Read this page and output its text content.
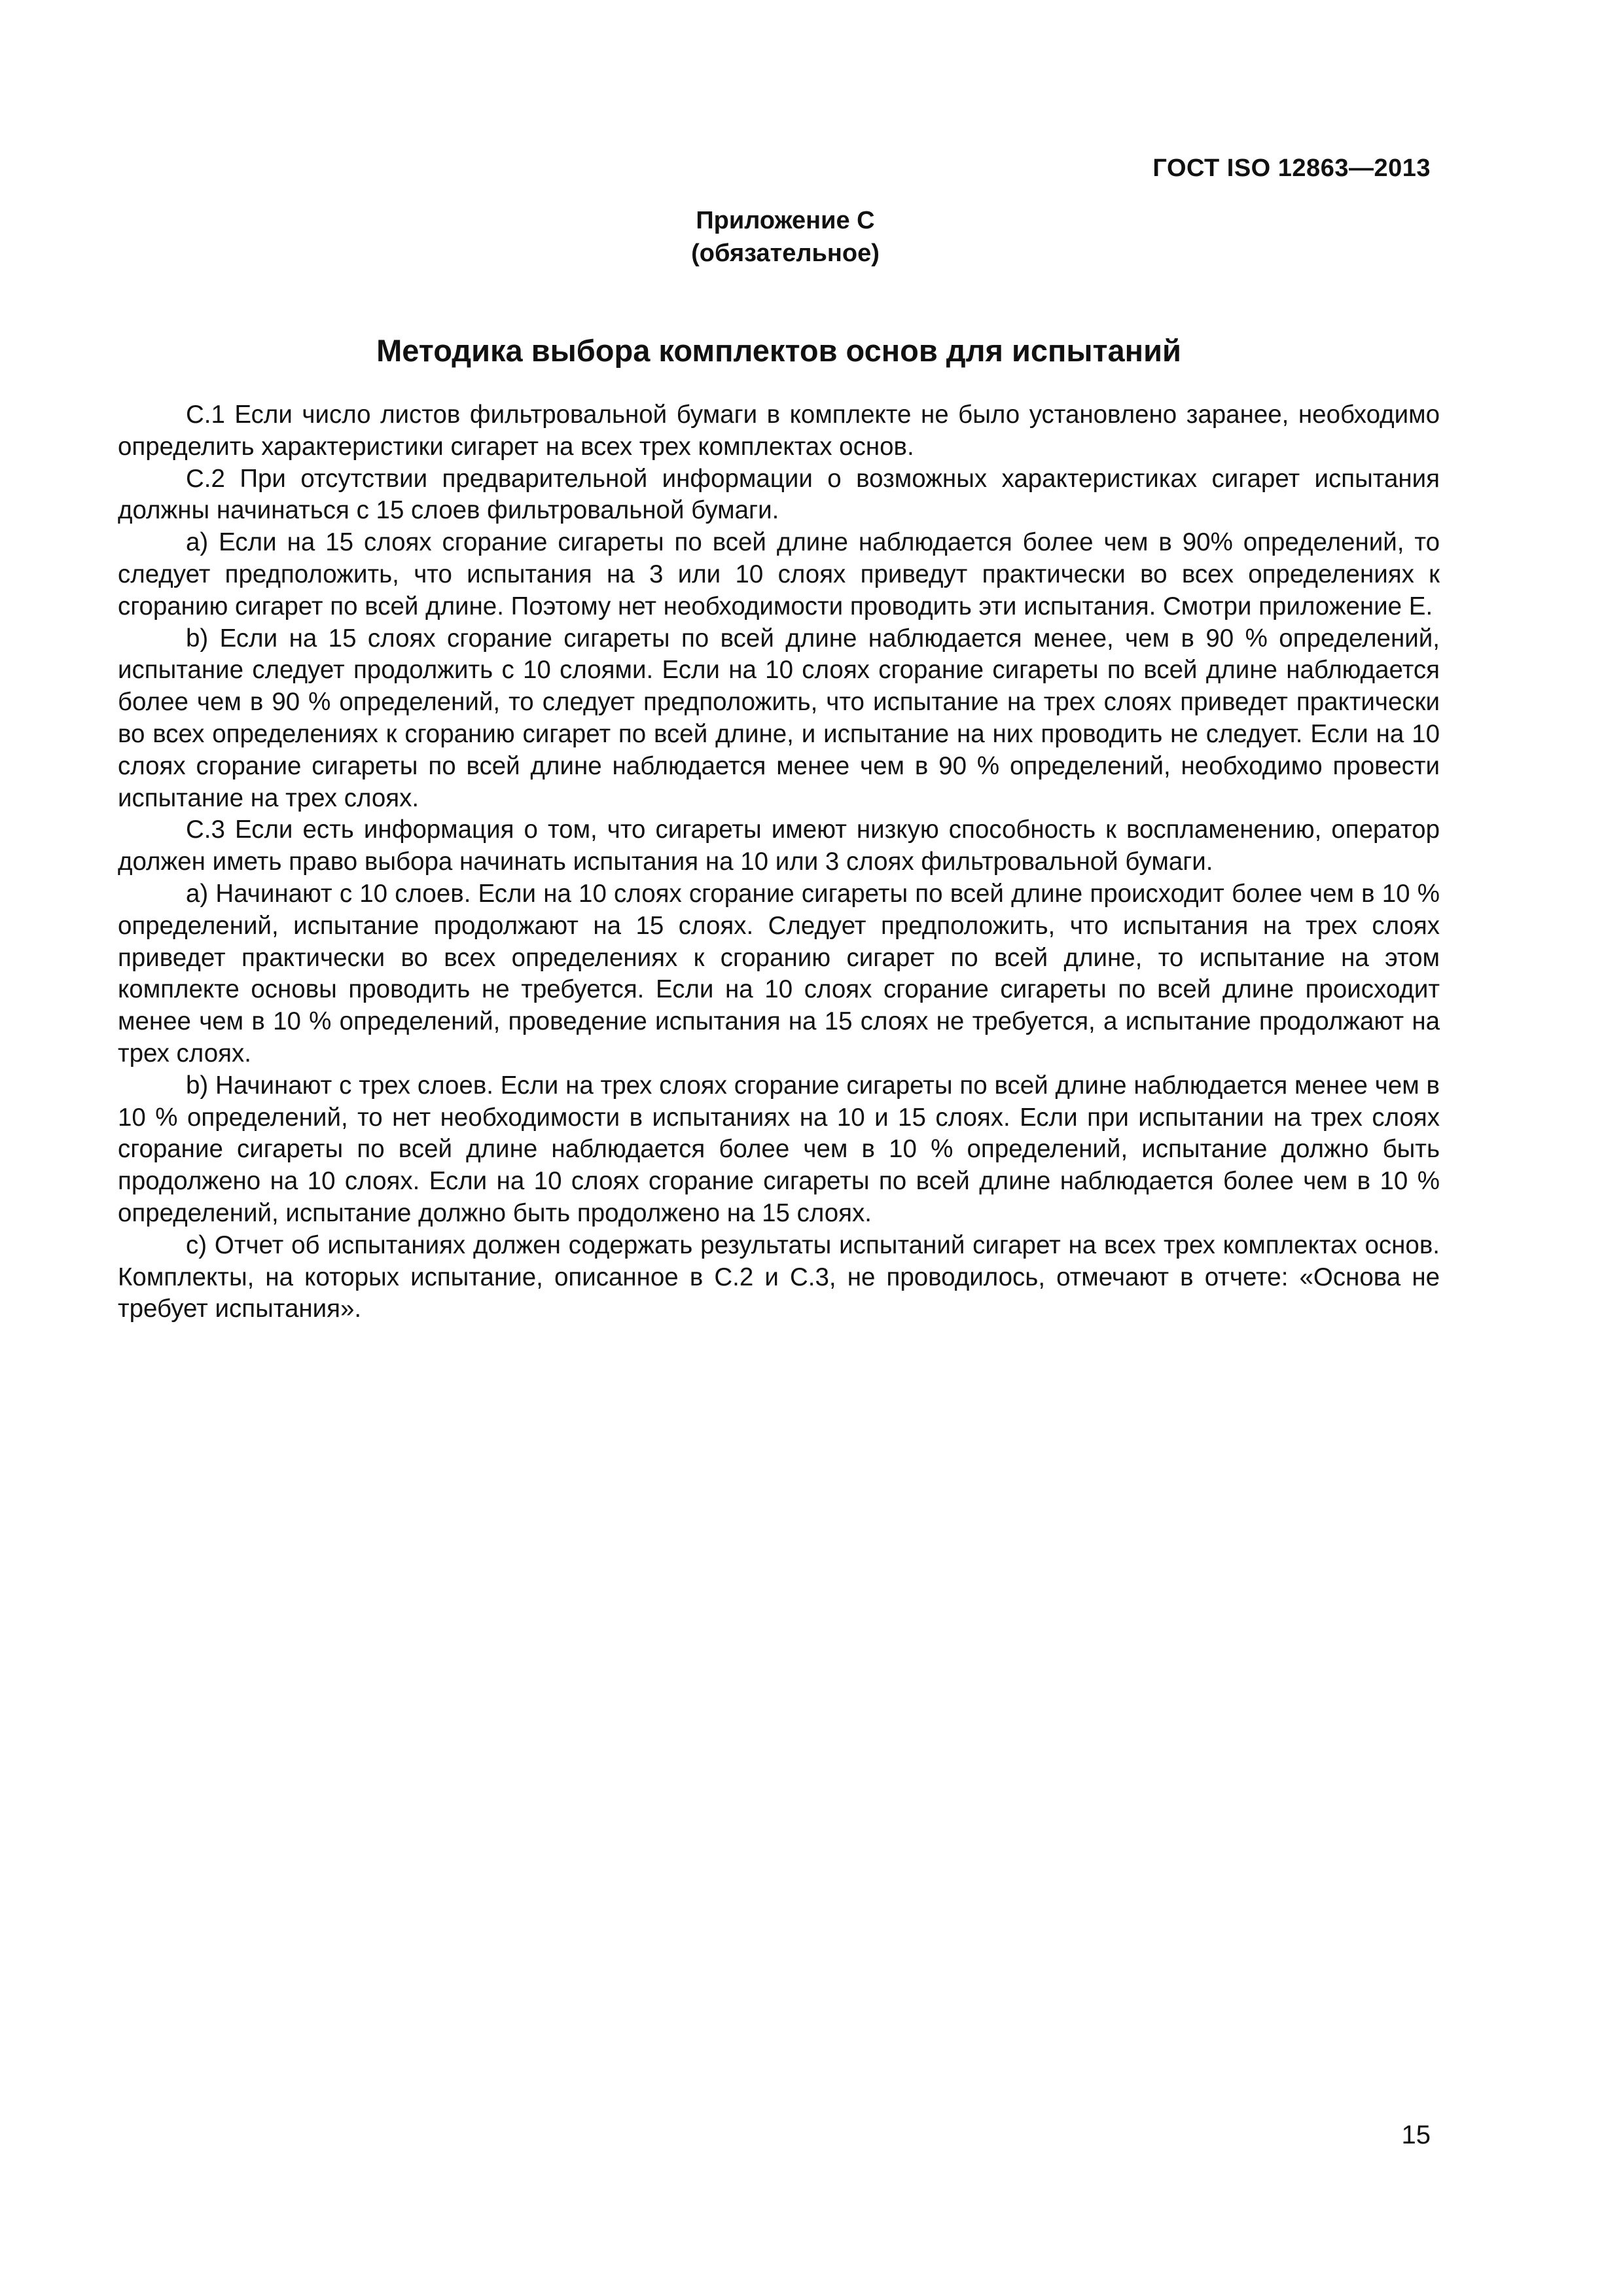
ГОСТ ISO 12863—2013
Приложение С
(обязательное)
Методика выбора комплектов основ для испытаний

С.1 Если число листов фильтровальной бумаги в комплекте не было установлено заранее, необходимо определить характеристики сигарет на всех трех комплектах основ.

С.2 При отсутствии предварительной информации о возможных характеристиках сигарет испытания должны начинаться с 15 слоев фильтровальной бумаги.

a) Если на 15 слоях сгорание сигареты по всей длине наблюдается более чем в 90% определений, то следует предположить, что испытания на 3 или 10 слоях приведут практически во всех определениях к сгоранию сигарет по всей длине. Поэтому нет необходимости проводить эти испытания. Смотри приложение Е.

b) Если на 15 слоях сгорание сигареты по всей длине наблюдается менее, чем в 90 % определений, испытание следует продолжить с 10 слоями. Если на 10 слоях сгорание сигареты по всей длине наблюдается более чем в 90 % определений, то следует предположить, что испытание на трех слоях приведет практически во всех определениях к сгоранию сигарет по всей длине, и испытание на них проводить не следует. Если на 10 слоях сгорание сигареты по всей длине наблюдается менее чем в 90 % определений, необходимо провести испытание на трех слоях.

С.3 Если есть информация о том, что сигареты имеют низкую способность к воспламенению, оператор должен иметь право выбора начинать испытания на 10 или 3 слоях фильтровальной бумаги.

a) Начинают с 10 слоев. Если на 10 слоях сгорание сигареты по всей длине происходит более чем в 10 % определений, испытание продолжают на 15 слоях. Следует предположить, что испытания на трех слоях приведет практически во всех определениях к сгоранию сигарет по всей длине, то испытание на этом комплекте основы проводить не требуется. Если на 10 слоях сгорание сигареты по всей длине происходит менее чем в 10 % определений, проведение испытания на 15 слоях не требуется, а испытание продолжают на трех слоях.

b) Начинают с трех слоев. Если на трех слоях сгорание сигареты по всей длине наблюдается менее чем в 10 % определений, то нет необходимости в испытаниях на 10 и 15 слоях. Если при испытании на трех слоях сгорание сигареты по всей длине наблюдается более чем в 10 % определений, испытание должно быть продолжено на 10 слоях. Если на 10 слоях сгорание сигареты по всей длине наблюдается более чем в 10 % определений, испытание должно быть продолжено на 15 слоях.

c) Отчет об испытаниях должен содержать результаты испытаний сигарет на всех трех комплектах основ. Комплекты, на которых испытание, описанное в С.2 и С.3, не проводилось, отмечают в отчете: «Основа не требует испытания».

15
